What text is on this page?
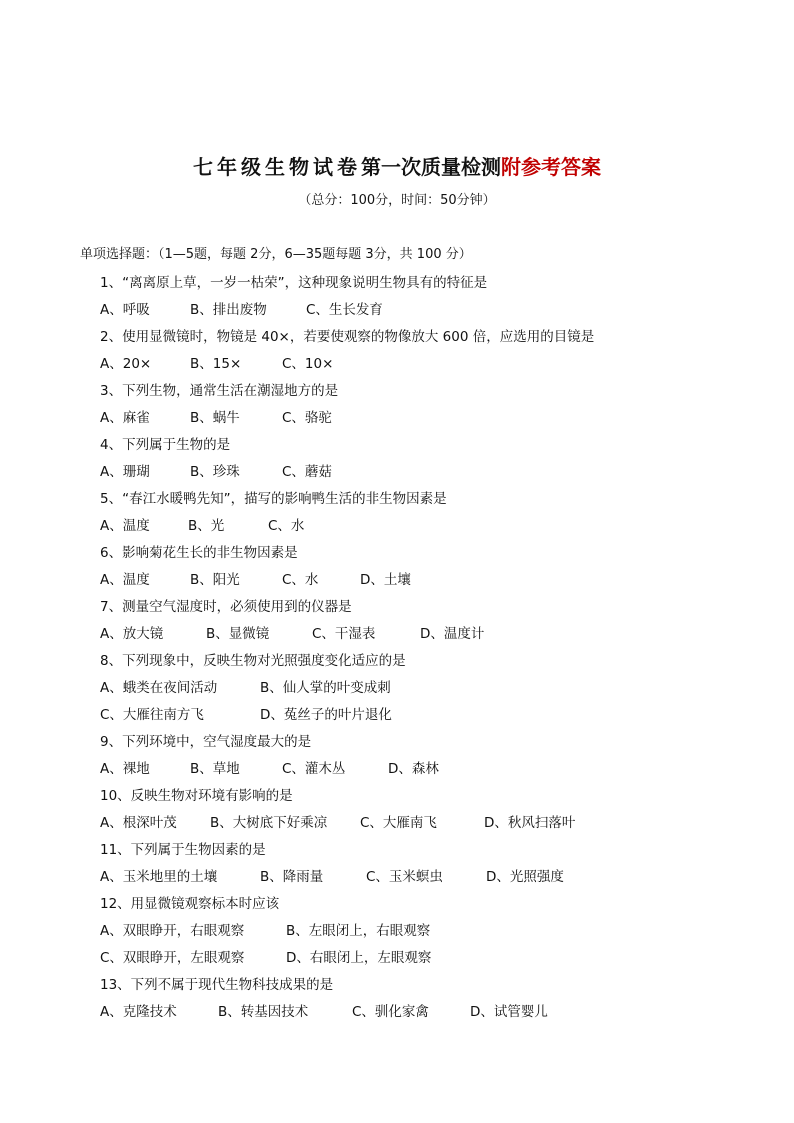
七年级生物试卷第一次质量检测附参考答案
（总分：100分，时间：50分钟）
单项选择题：（1—5题，每题 2分，6—35题每题 3分，共 100 分）
1、“离离原上草，一岁一枯荣”，这种现象说明生物具有的特征是
A、呼吸	B、排出废物	C、生长发育
2、使用显微镜时，物镜是 40×，若要使观察的物像放大 600 倍，应选用的目镜是
A、20×	B、15×	C、10×
3、下列生物，通常生活在潮湿地方的是
A、麻雀	B、蜗牛	C、骆驼
4、下列属于生物的是
A、珊瑚	B、珍珠	C、蘑菇
5、“春江水暖鸭先知”，描写的影响鸭生活的非生物因素是
A、温度	B、光	C、水
6、影响菊花生长的非生物因素是
A、温度	B、阳光	C、水	D、土壤
7、测量空气湿度时，必须使用到的仪器是
A、放大镜	B、显微镜	C、干湿表	D、温度计
8、下列现象中，反映生物对光照强度变化适应的是
A、蛾类在夜间活动	B、仙人掌的叶变成刺
C、大雁往南方飞	D、菟丝子的叶片退化
9、下列环境中，空气湿度最大的是
A、裸地	B、草地	C、灌木丛	D、森林
10、反映生物对环境有影响的是
A、根深叶茂 B、大树底下好乘凉 C、大雁南飞	D、秋风扫落叶
11、下列属于生物因素的是
A、玉米地里的土壤	B、降雨量	C、玉米螟虫	D、光照强度
12、用显微镜观察标本时应该
A、双眼睁开，右眼观察	B、左眼闭上，右眼观察
C、双眼睁开，左眼观察	D、右眼闭上，左眼观察
13、下列不属于现代生物科技成果的是
A、克隆技术	B、转基因技术	C、驯化家禽	D、试管婴儿
